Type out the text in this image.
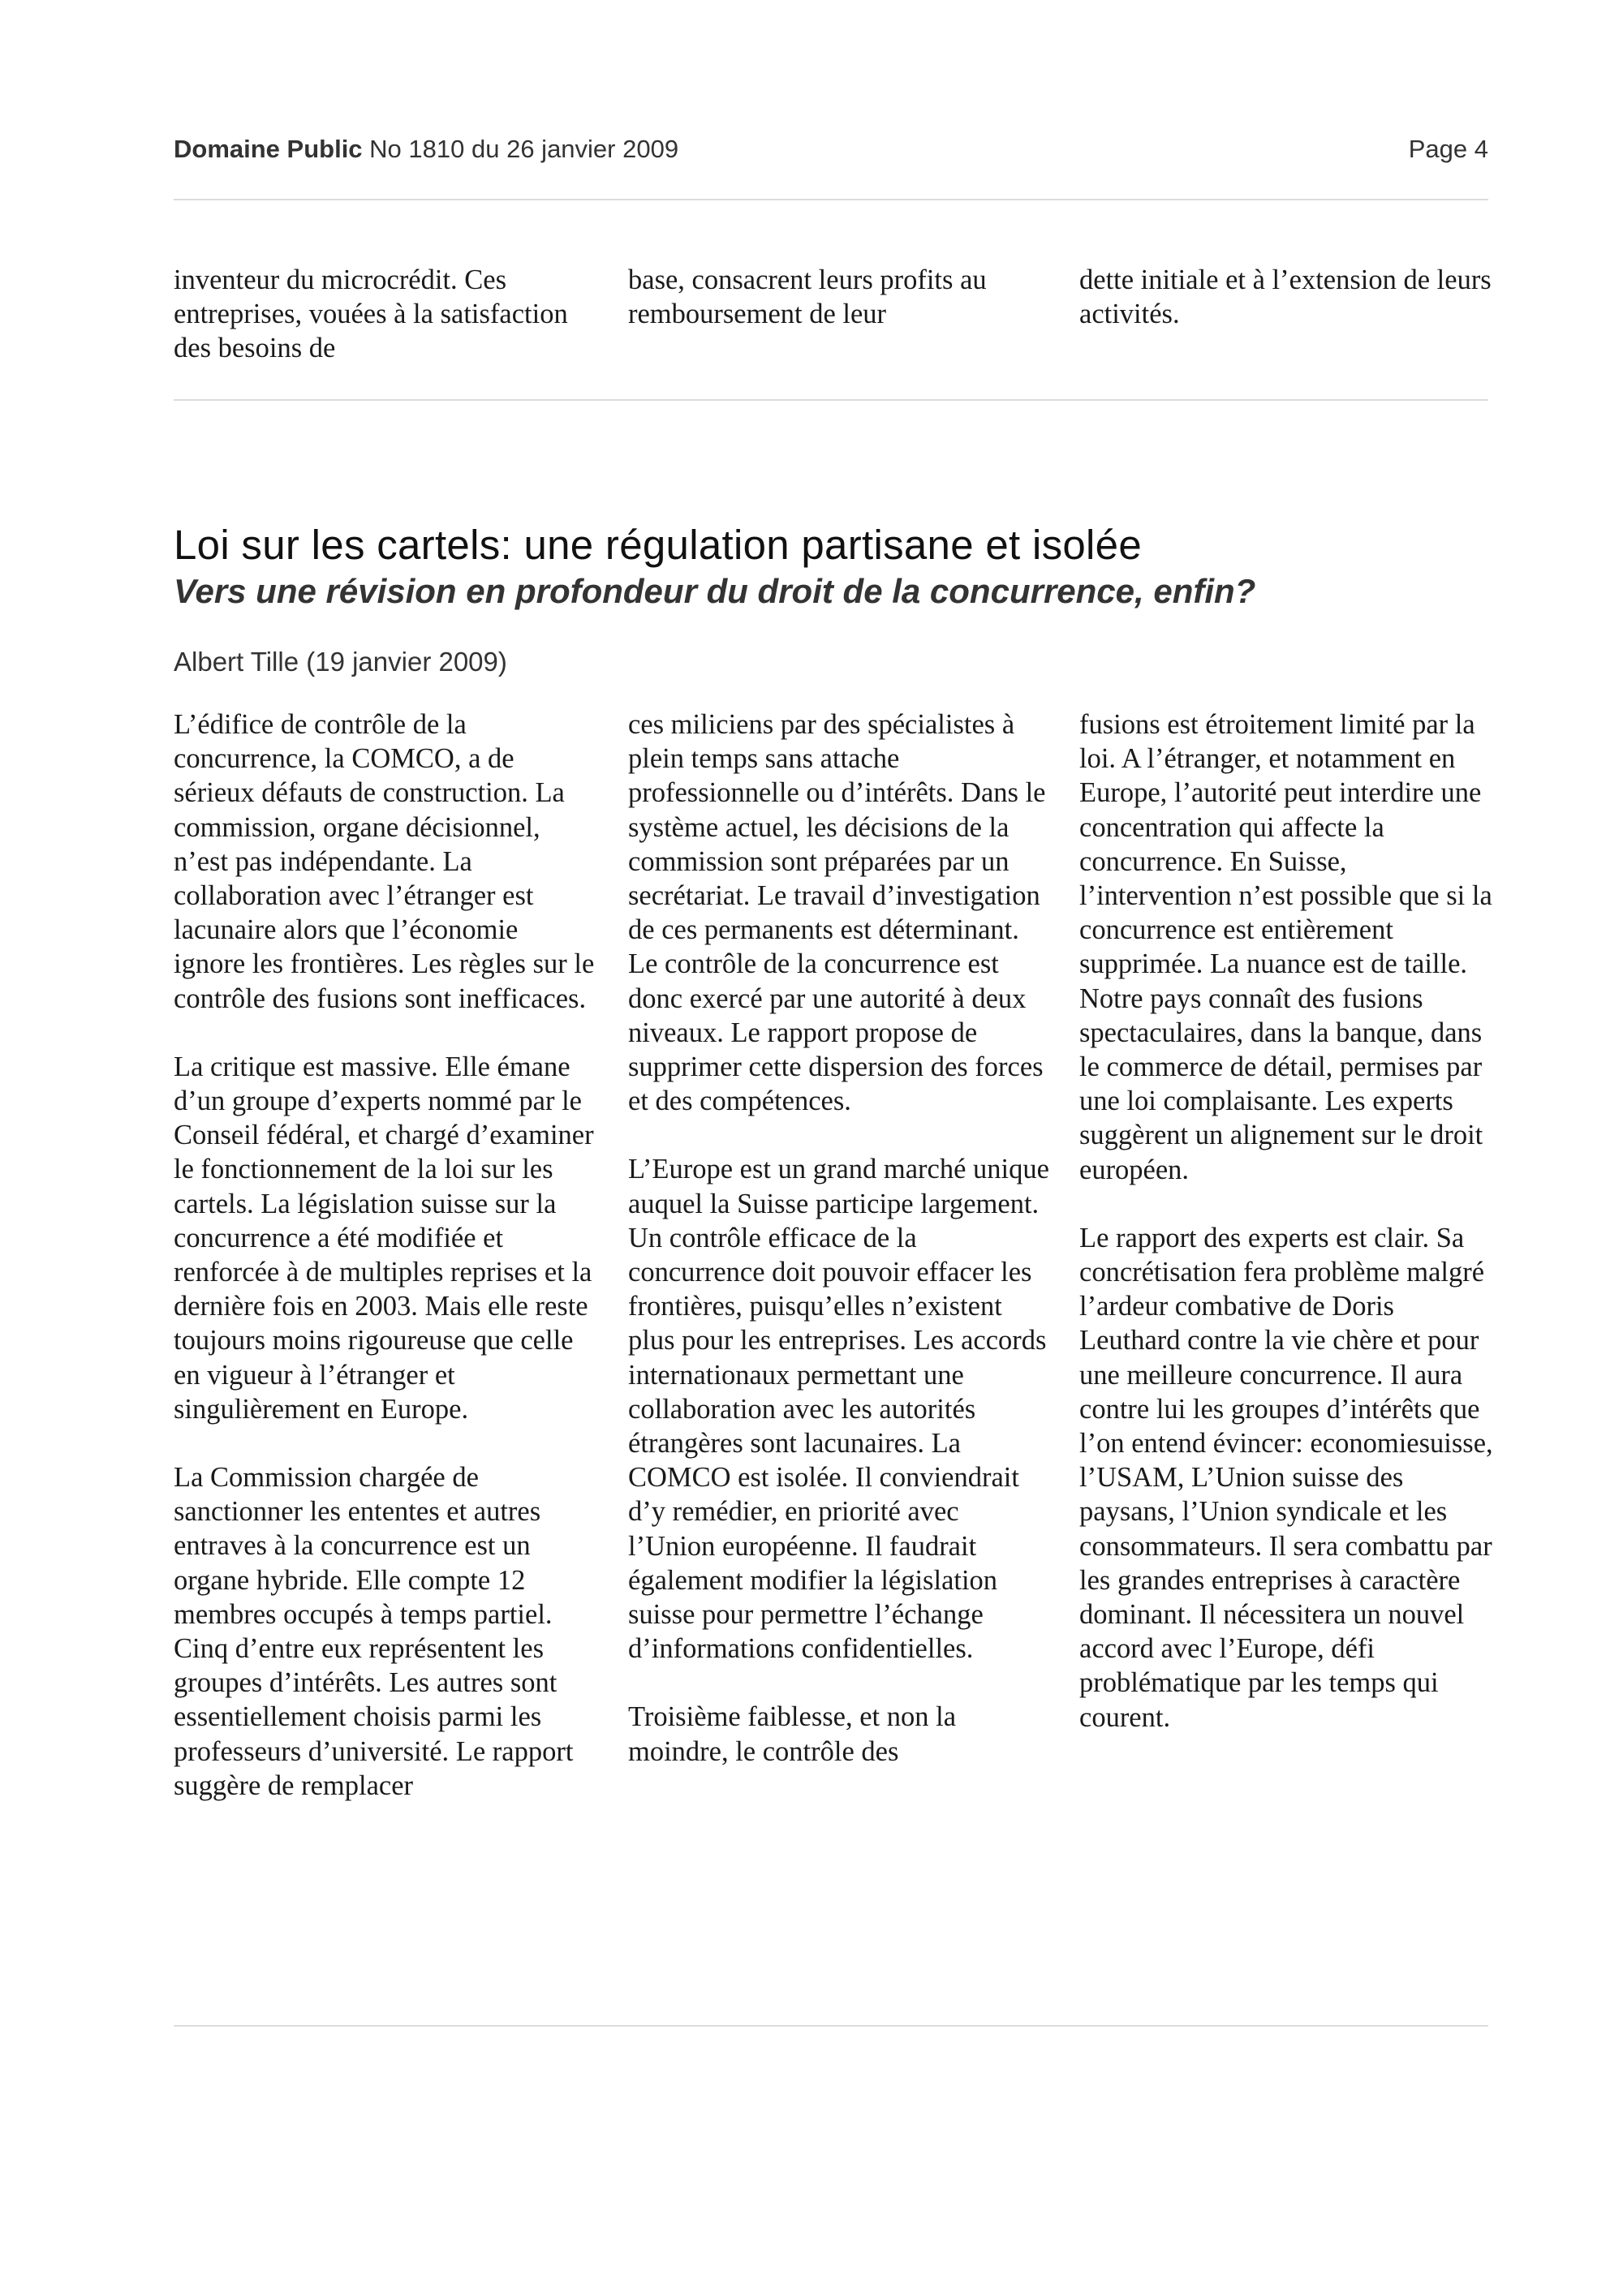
Domaine Public No 1810 du 26 janvier 2009	Page 4

inventeur du microcrédit. Ces entreprises, vouées à la satisfaction des besoins de

base, consacrent leurs profits au remboursement de leur

dette initiale et à l’extension de leurs activités.

Loi sur les cartels: une régulation partisane et isolée
Vers une révision en profondeur du droit de la concurrence, enfin?
Albert Tille (19 janvier 2009)

L’édifice de contrôle de la concurrence, la COMCO, a de sérieux défauts de construction. La commission, organe décisionnel, n’est pas indépendante. La collaboration avec l’étranger est lacunaire alors que l’économie ignore les frontières. Les règles sur le contrôle des fusions sont inefficaces.

La critique est massive. Elle émane d’un groupe d’experts nommé par le Conseil fédéral, et chargé d’examiner le fonctionnement de la loi sur les cartels. La législation suisse sur la concurrence a été modifiée et renforcée à de multiples reprises et la dernière fois en 2003. Mais elle reste toujours moins rigoureuse que celle en vigueur à l’étranger et singulièrement en Europe.

La Commission chargée de sanctionner les ententes et autres entraves à la concurrence est un organe hybride. Elle compte 12 membres occupés à temps partiel. Cinq d’entre eux représentent les groupes d’intérêts. Les autres sont essentiellement choisis parmi les professeurs d’université. Le rapport suggère de remplacer

ces miliciens par des spécialistes à plein temps sans attache professionnelle ou d’intérêts. Dans le système actuel, les décisions de la commission sont préparées par un secrétariat. Le travail d’investigation de ces permanents est déterminant. Le contrôle de la concurrence est donc exercé par une autorité à deux niveaux. Le rapport propose de supprimer cette dispersion des forces et des compétences.

L’Europe est un grand marché unique auquel la Suisse participe largement. Un contrôle efficace de la concurrence doit pouvoir effacer les frontières, puisqu’elles n’existent plus pour les entreprises. Les accords internationaux permettant une collaboration avec les autorités étrangères sont lacunaires. La COMCO est isolée. Il conviendrait d’y remédier, en priorité avec l’Union européenne. Il faudrait également modifier la législation suisse pour permettre l’échange d’informations confidentielles.

Troisième faiblesse, et non la moindre, le contrôle des

fusions est étroitement limité par la loi. A l’étranger, et notamment en Europe, l’autorité peut interdire une concentration qui affecte la concurrence. En Suisse, l’intervention n’est possible que si la concurrence est entièrement supprimée. La nuance est de taille. Notre pays connaît des fusions spectaculaires, dans la banque, dans le commerce de détail, permises par une loi complaisante. Les experts suggèrent un alignement sur le droit européen.

Le rapport des experts est clair. Sa concrétisation fera problème malgré l’ardeur combative de Doris Leuthard contre la vie chère et pour une meilleure concurrence. Il aura contre lui les groupes d’intérêts que l’on entend évincer: economiesuisse, l’USAM, L’Union suisse des paysans, l’Union syndicale et les consommateurs. Il sera combattu par les grandes entreprises à caractère dominant. Il nécessitera un nouvel accord avec l’Europe, défi problématique par les temps qui courent.
